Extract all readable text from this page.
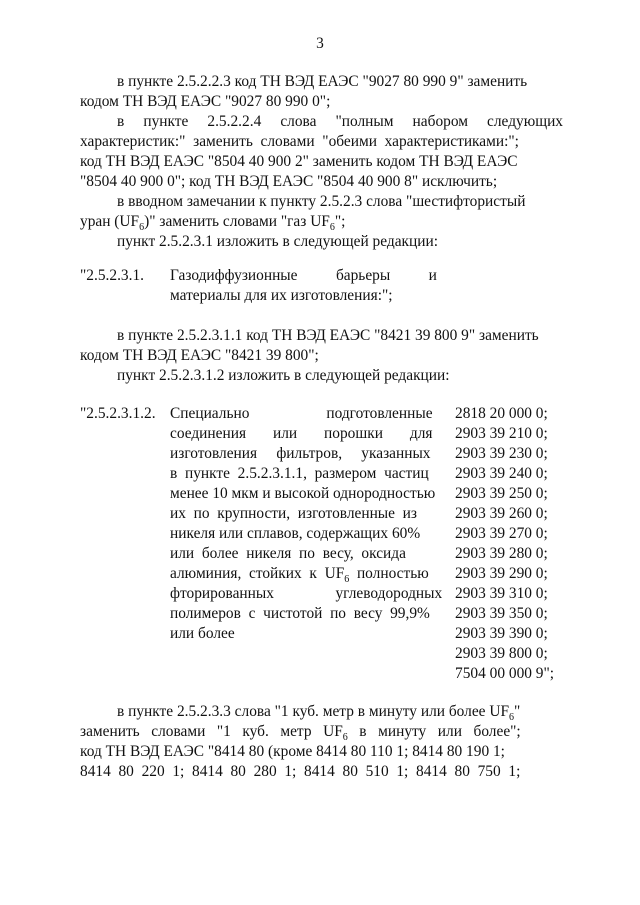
3
в пункте 2.5.2.2.3 код ТН ВЭД ЕАЭС "9027 80 990 9" заменить
кодом ТН ВЭД ЕАЭС "9027 80 990 0";
в    пункте    2.5.2.2.4    слова    "полным    набором    следующих
характеристик:"  заменить  словами  "обеими  характеристиками:";
код ТН ВЭД ЕАЭС "8504 40 900 2" заменить кодом ТН ВЭД ЕАЭС
"8504 40 900 0"; код ТН ВЭД ЕАЭС "8504 40 900 8" исключить;
в вводном замечании к пункту 2.5.2.3 слова "шестифтористый
уран $(UF_6)$" заменить словами "газ $UF_6$";
пункт 2.5.2.3.1 изложить в следующей редакции:
"2.5.2.3.1. Газодиффузионные          барьеры          и
материалы для их изготовления:";
в пункте 2.5.2.3.1.1 код ТН ВЭД ЕАЭС "8421 39 800 9" заменить
кодом ТН ВЭД ЕАЭС "8421 39 800";
пункт 2.5.2.3.1.2 изложить в следующей редакции:
"2.5.2.3.1.2. Специально                    подготовленные
соединения       или       порошки       для
изготовления     фильтров,     указанных
в  пункте  2.5.2.3.1.1,  размером  частиц
менее 10 мкм и высокой однородностью
их  по  крупности,  изготовленные  из
никеля или сплавов, содержащих 60%
или  более  никеля  по  весу,  оксида
алюминия,  стойких  к  $UF_6$  полностью
фторированных                углеводородных
полимеров  с  чистотой  по  весу  99,9%
или более
2818 20 000 0;
2903 39 210 0;
2903 39 230 0;
2903 39 240 0;
2903 39 250 0;
2903 39 260 0;
2903 39 270 0;
2903 39 280 0;
2903 39 290 0;
2903 39 310 0;
2903 39 350 0;
2903 39 390 0;
2903 39 800 0;
7504 00 000 9";
в пункте 2.5.2.3.3 слова "1 куб. метр в минуту или более $UF_6$"
заменить   словами   "1   куб.   метр   $UF_6$   в   минуту   или   более";
код ТН ВЭД ЕАЭС "8414 80 (кроме 8414 80 110 1; 8414 80 190 1;
8414  80  220  1;  8414  80  280  1;  8414  80  510  1;  8414  80  750  1;
